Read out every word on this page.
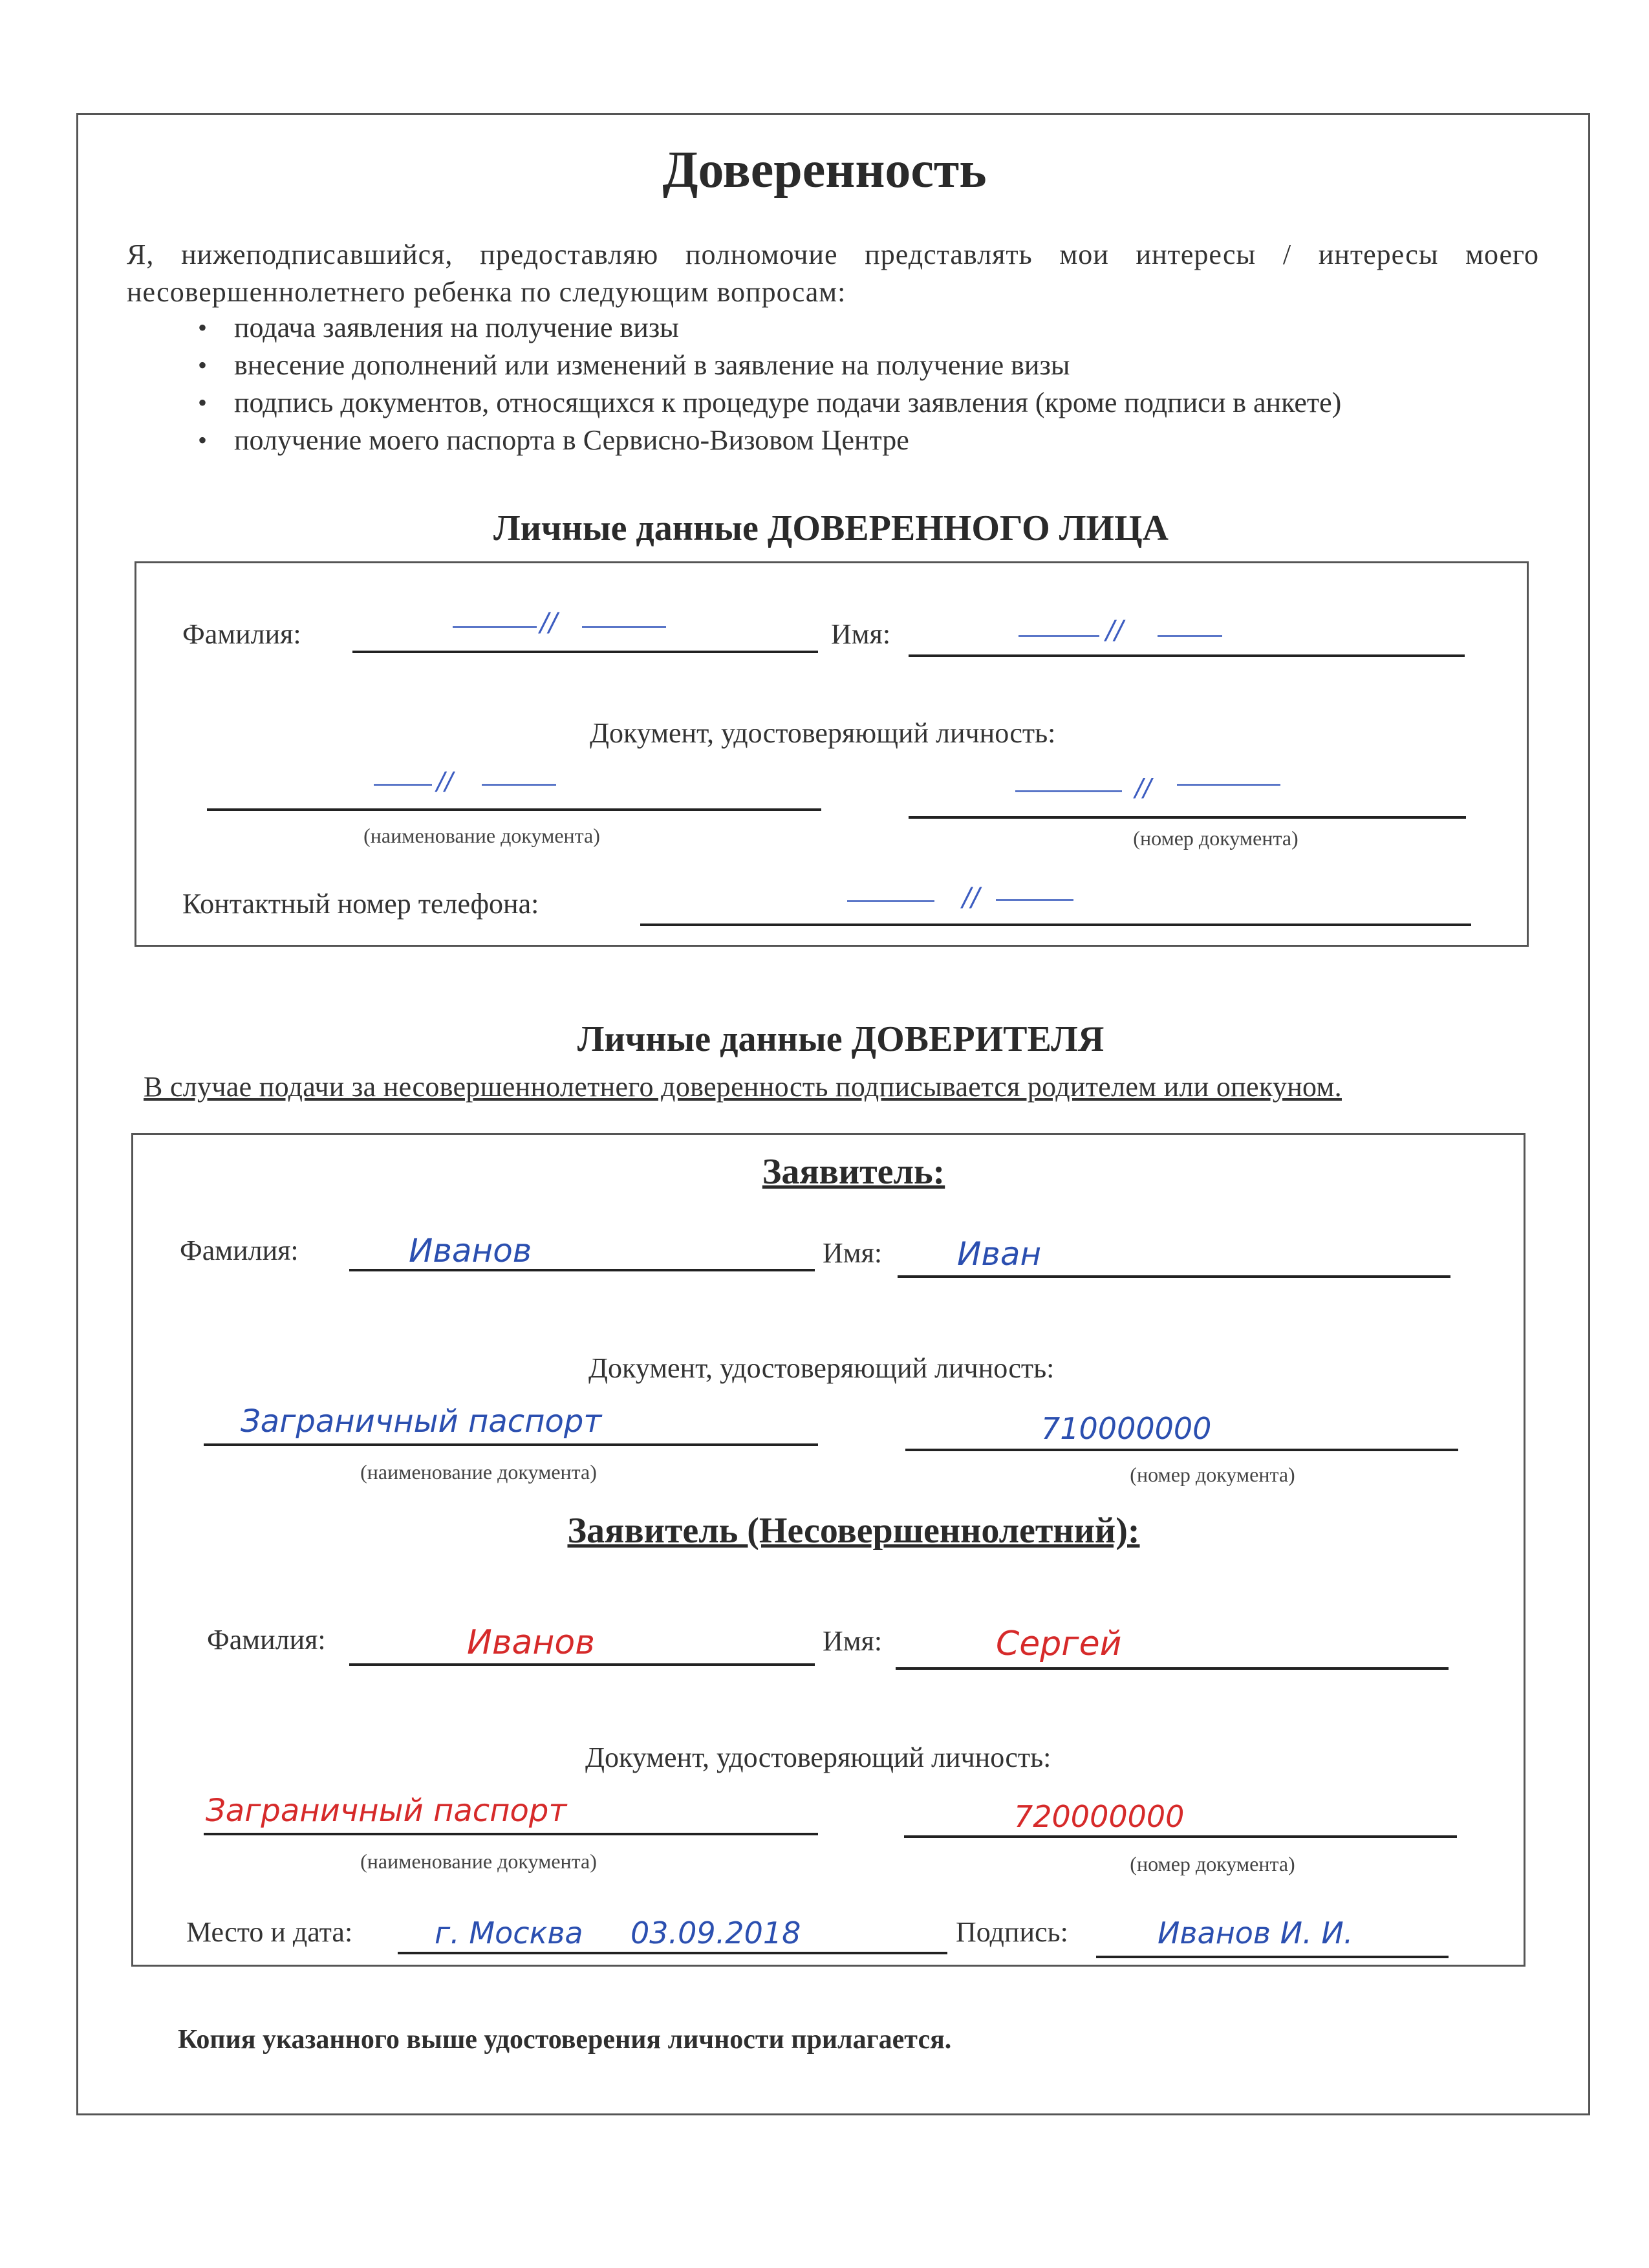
Доверенность
Я, нижеподписавшийся, предоставляю полномочие представлять мои интересы / интересы моего несовершеннолетнего ребенка по следующим вопросам:
• подача заявления на получение визы
• внесение дополнений или изменений в заявление на получение визы
• подпись документов, относящихся к процедуре подачи заявления (кроме подписи в анкете)
• получение моего паспорта в Сервисно-Визовом Центре
Личные данные ДОВЕРЕННОГО ЛИЦА
Фамилия:	//	Имя:	//
Документ, удостоверяющий личность:
//
(наименование документа)
//
(номер документа)
Контактный номер телефона:	//
Личные данные ДОВЕРИТЕЛЯ
В случае подачи за несовершеннолетнего доверенность подписывается родителем или опекуном.
Заявитель:
Фамилия:	Иванов	Имя: Иван
Документ, удостоверяющий личность:
Заграничный паспорт
(наименование документа)
710000000
(номер документа)
Заявитель (Несовершеннолетний):
Фамилия:	Иванов	Имя:	Сергей
Документ, удостоверяющий личность:
Заграничный паспорт
(наименование документа)
720000000
(номер документа)
Место и дата:	г. Москва 03.09.2018	Подпись:	Иванов И. И.
Копия указанного выше удостоверения личности прилагается.
